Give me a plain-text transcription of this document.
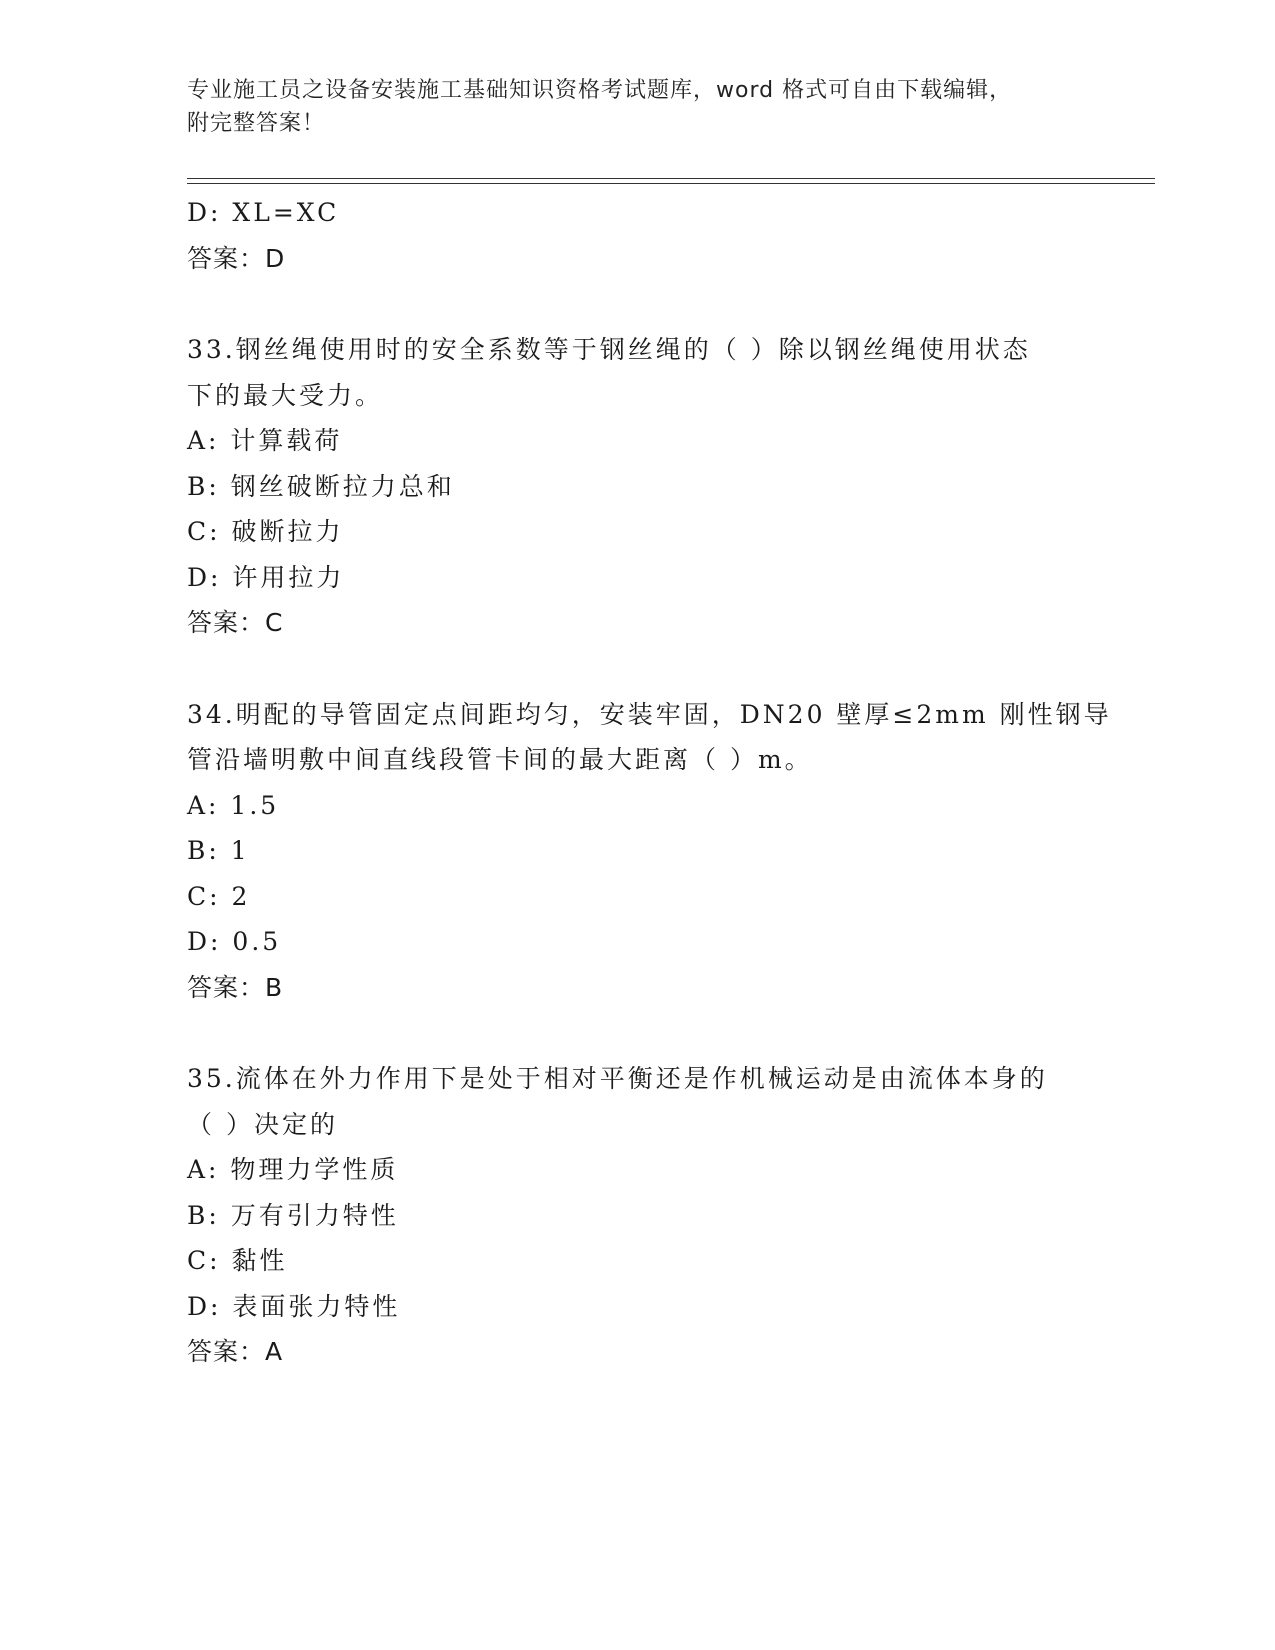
专业施工员之设备安装施工基础知识资格考试题库，word 格式可自由下载编辑，
附完整答案！
D: XL=XC
答案：D
33.钢丝绳使用时的安全系数等于钢丝绳的（ ）除以钢丝绳使用状态
下的最大受力。
A: 计算载荷
B: 钢丝破断拉力总和
C: 破断拉力
D: 许用拉力
答案：C
34.明配的导管固定点间距均匀，安装牢固，DN20 壁厚≤2mm 刚性钢导
管沿墙明敷中间直线段管卡间的最大距离（ ）m。
A: 1.5
B: 1
C: 2
D: 0.5
答案：B
35.流体在外力作用下是处于相对平衡还是作机械运动是由流体本身的
（ ）决定的
A: 物理力学性质
B: 万有引力特性
C: 黏性
D: 表面张力特性
答案：A
